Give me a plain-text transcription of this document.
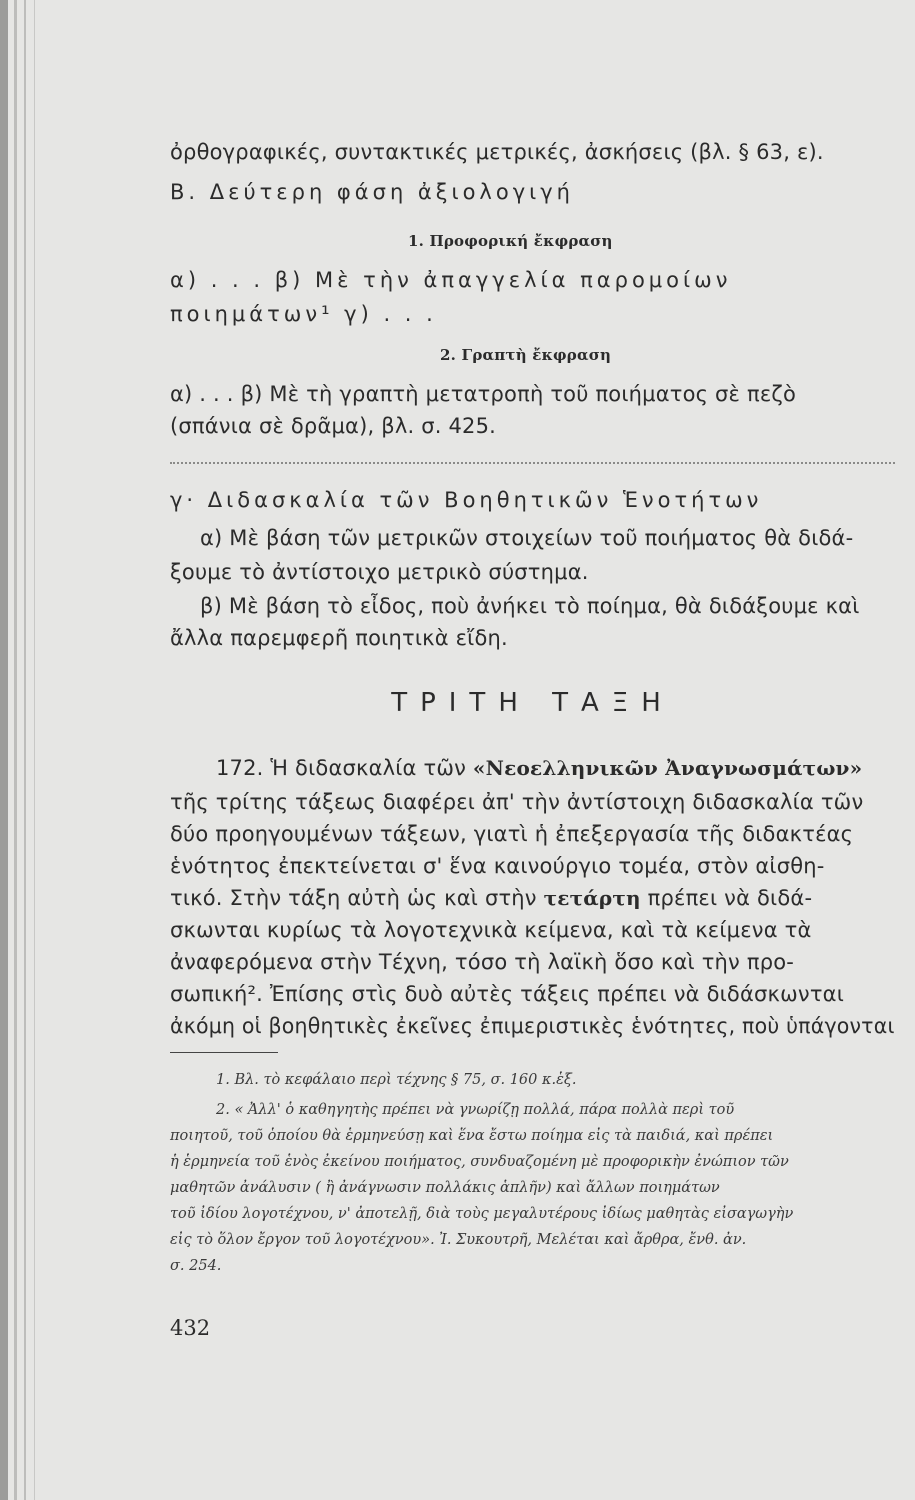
ὀρθογραφικές, συντακτικές μετρικές, ἀσκήσεις (βλ. § 63, ε).
Β. Δεύτερη φάση ἀξιολογιγή
1. Προφορική ἔκφραση
α) . . . β) Μὲ τὴν ἀπαγγελία παρομοίων
ποιημάτων¹ γ) . . .
2. Γραπτὴ ἔκφραση
α) . . . β) Μὲ τὴ γραπτὴ μετατροπὴ τοῦ ποιήματος σὲ πεζὸ
(σπάνια σὲ δρᾶμα), βλ. σ. 425.
γ· Διδασκαλία τῶν Βοηθητικῶν Ἑνοτήτων
α) Μὲ βάση τῶν μετρικῶν στοιχείων τοῦ ποιήματος θὰ διδά-
ξουμε τὸ ἀντίστοιχο μετρικὸ σύστημα.
β) Μὲ βάση τὸ εἶδος, ποὺ ἀνήκει τὸ ποίημα, θὰ διδάξουμε καὶ
ἄλλα παρεμφερῆ ποιητικὰ εἴδη.
ΤΡΙΤΗ ΤΑΞΗ
172. Ἡ διδασκαλία τῶν «Νεοελληνικῶν Ἀναγνωσμάτων»
τῆς τρίτης τάξεως διαφέρει ἀπ' τὴν ἀντίστοιχη διδασκαλία τῶν
δύο προηγουμένων τάξεων, γιατὶ ἡ ἐπεξεργασία τῆς διδακτέας
ἑνότητος ἐπεκτείνεται σ' ἕνα καινούργιο τομέα, στὸν αἰσθη-
τικό. Στὴν τάξη αὐτὴ ὡς καὶ στὴν τετάρτη πρέπει νὰ διδά-
σκωνται κυρίως τὰ λογοτεχνικὰ κείμενα, καὶ τὰ κείμενα τὰ
ἀναφερόμενα στὴν Τέχνη, τόσο τὴ λαϊκὴ ὅσο καὶ τὴν προ-
σωπική². Ἐπίσης στὶς δυὸ αὐτὲς τάξεις πρέπει νὰ διδάσκωνται
ἀκόμη οἱ βοηθητικὲς ἐκεῖνες ἐπιμεριστικὲς ἑνότητες, ποὺ ὑπάγονται
1. Βλ. τὸ κεφάλαιο περὶ τέχνης § 75, σ. 160 κ.ἑξ.
2. « Ἀλλ' ὁ καθηγητὴς πρέπει νὰ γνωρίζῃ πολλά, πάρα πολλὰ περὶ τοῦ
ποιητοῦ, τοῦ ὁποίου θὰ ἑρμηνεύσῃ καὶ ἕνα ἔστω ποίημα εἰς τὰ παιδιά, καὶ πρέπει
ἡ ἑρμηνεία τοῦ ἑνὸς ἐκείνου ποιήματος, συνδυαζομένη μὲ προφορικὴν ἐνώπιον τῶν
μαθητῶν ἀνάλυσιν ( ἢ ἀνάγνωσιν πολλάκις ἁπλῆν) καὶ ἄλλων ποιημάτων
τοῦ ἰδίου λογοτέχνου, ν' ἀποτελῇ, διὰ τοὺς μεγαλυτέρους ἰδίως μαθητὰς εἰσαγωγὴν
εἰς τὸ ὅλον ἔργον τοῦ λογοτέχνου». Ἰ. Συκουτρῆ, Μελέται καὶ ἄρθρα, ἔνθ. ἀν.
σ. 254.
432
